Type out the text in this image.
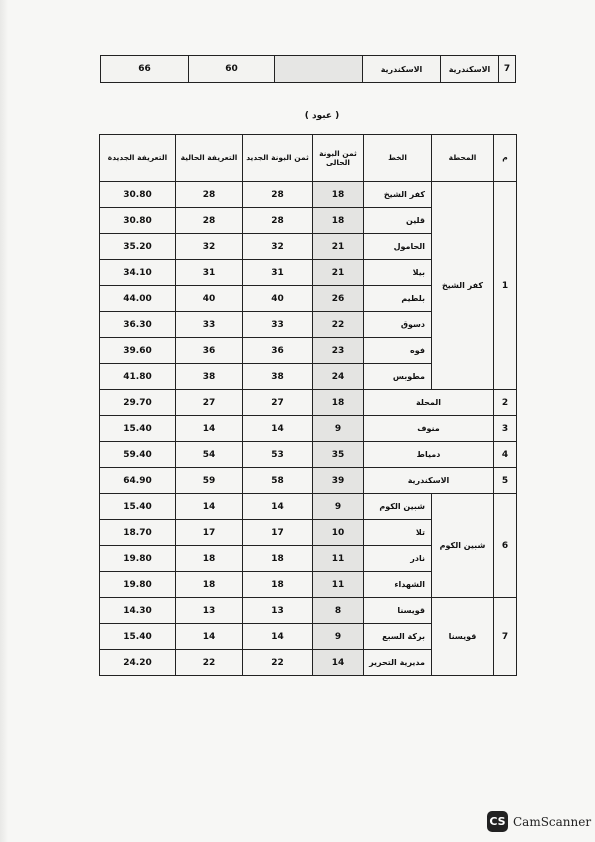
66	60		الاسكندرية	الاسكندرية	7
( عبود )
التعريفة الجديدة	التعريفة الحالية	ثمن البونة الجديد	ثمن البونة الحالى	الخط	المحطة	م
30.80	28	28	18	كفر الشيخ	كفر الشيخ	1
30.80	28	28	18	قلين		
35.20	32	32	21	الحامول		
34.10	31	31	21	بيلا		
44.00	40	40	26	بلطيم		
36.30	33	33	22	دسوق		
39.60	36	36	23	فوه		
41.80	38	38	24	مطوبس		
29.70	27	27	18	المحلة		2
15.40	14	14	9	منوف		3
59.40	54	53	35	دمياط		4
64.90	59	58	39	الاسكندرية		5
15.40	14	14	9	شبين الكوم	شبين الكوم	6
18.70	17	17	10	تلا		
19.80	18	18	11	نادر		
19.80	18	18	11	الشهداء		
14.30	13	13	8	قويسنا	قويسنا	7
15.40	14	14	9	بركة السبع		
24.20	22	22	14	مديرية التحرير		
CS CamScanner
